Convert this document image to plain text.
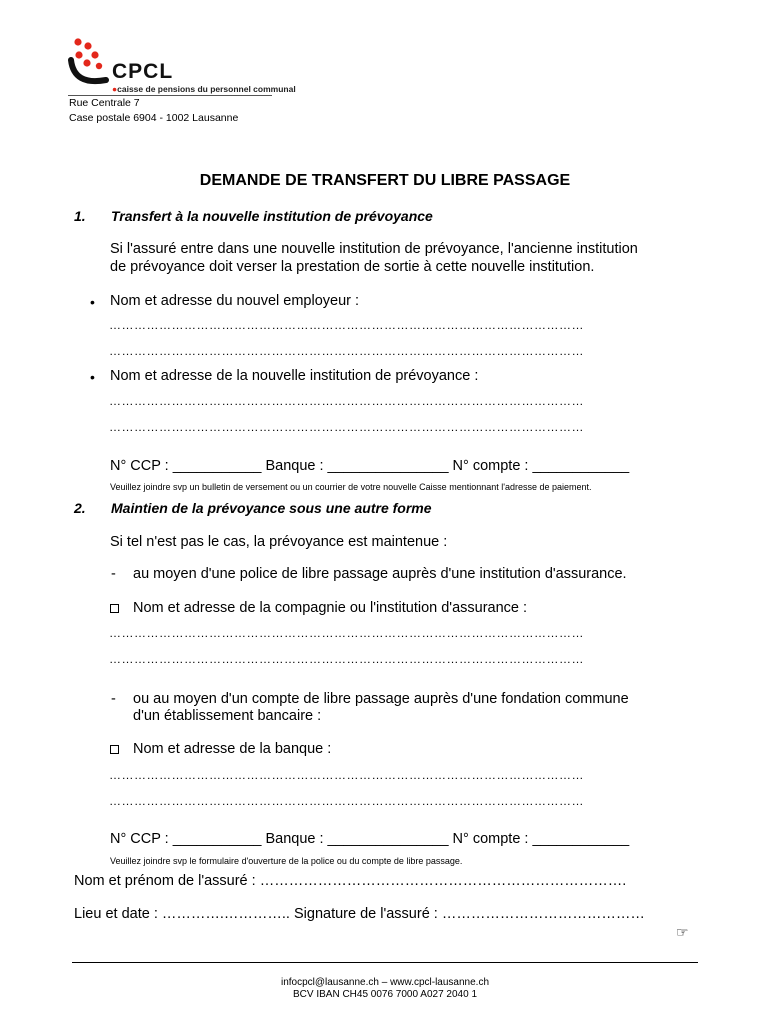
CPCL
●caisse de pensions du personnel communal
Rue Centrale 7
Case postale 6904 - 1002 Lausanne
DEMANDE DE TRANSFERT DU LIBRE PASSAGE
1. Transfert à la nouvelle institution de prévoyance
Si l'assuré entre dans une nouvelle institution de prévoyance, l'ancienne institution
de prévoyance doit verser la prestation de sortie à cette nouvelle institution.
• Nom et adresse du nouvel employeur :
……………………………………………………………………………………………………
……………………………………………………………………………………………………
• Nom et adresse de la nouvelle institution de prévoyance :
……………………………………………………………………………………………………
……………………………………………………………………………………………………
N° CCP : ___________ Banque : _______________ N° compte : ____________
Veuillez joindre svp un bulletin de versement ou un courrier de votre nouvelle Caisse mentionnant l'adresse de paiement.
2. Maintien de la prévoyance sous une autre forme
Si tel n'est pas le cas, la prévoyance est maintenue :
- au moyen d'une police de libre passage auprès d'une institution d'assurance.
Nom et adresse de la compagnie ou l'institution d'assurance :
……………………………………………………………………………………………………
……………………………………………………………………………………………………
- ou au moyen d'un compte de libre passage auprès d'une fondation commune
d'un établissement bancaire :
Nom et adresse de la banque :
……………………………………………………………………………………………………
……………………………………………………………………………………………………
N° CCP : ___________ Banque : _______________ N° compte : ____________
Veuillez joindre svp le formulaire d'ouverture de la police ou du compte de libre passage.
Nom et prénom de l'assuré : ………………………………………………………………….
Lieu et date : ………….………….. Signature de l'assuré : ……………………………………
☞
infocpcl@lausanne.ch – www.cpcl-lausanne.ch
BCV IBAN CH45 0076 7000 A027 2040 1
